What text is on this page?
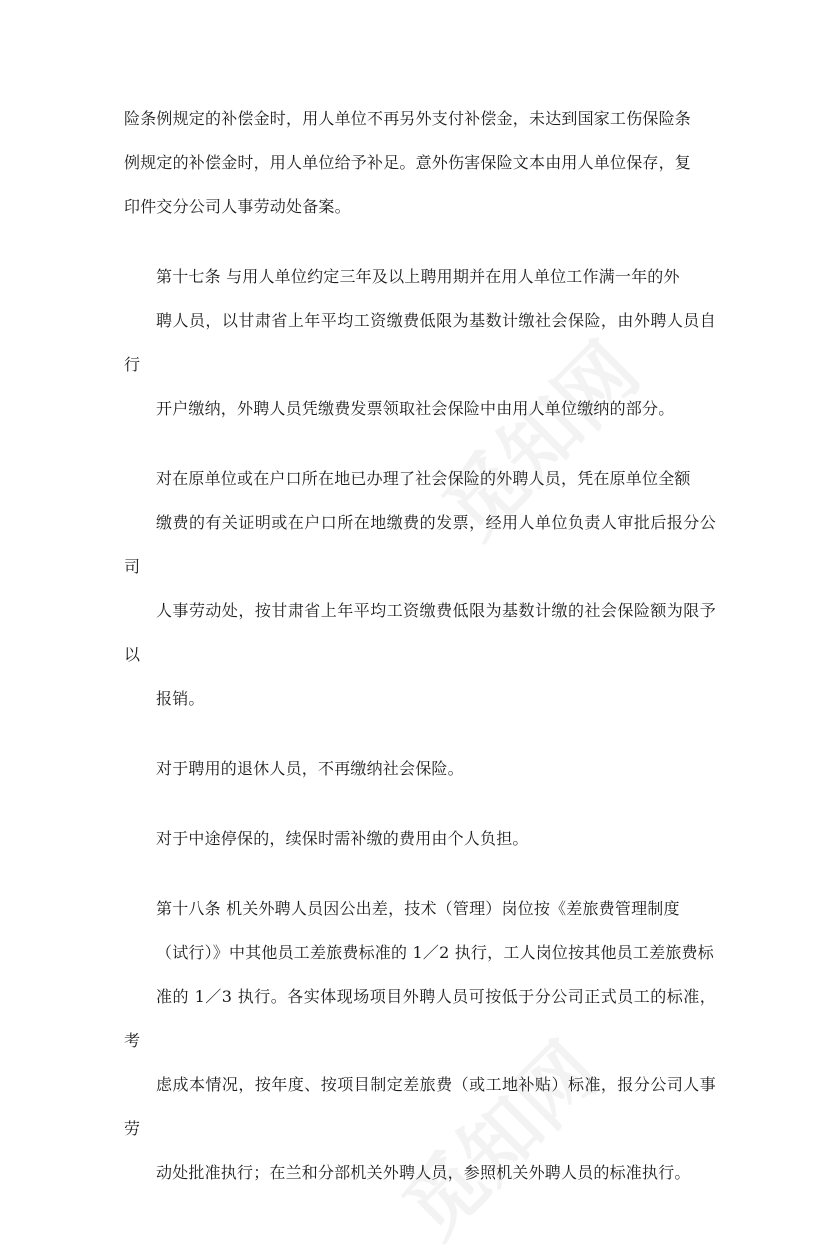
险条例规定的补偿金时，用人单位不再另外支付补偿金，未达到国家工伤保险条
例规定的补偿金时，用人单位给予补足。意外伤害保险文本由用人单位保存，复
印件交分公司人事劳动处备案。

第十七条 与用人单位约定三年及以上聘用期并在用人单位工作满一年的外
聘人员，以甘肃省上年平均工资缴费低限为基数计缴社会保险，由外聘人员自行
开户缴纳，外聘人员凭缴费发票领取社会保险中由用人单位缴纳的部分。

对在原单位或在户口所在地已办理了社会保险的外聘人员，凭在原单位全额
缴费的有关证明或在户口所在地缴费的发票，经用人单位负责人审批后报分公司
人事劳动处，按甘肃省上年平均工资缴费低限为基数计缴的社会保险额为限予以
报销。

对于聘用的退休人员，不再缴纳社会保险。

对于中途停保的，续保时需补缴的费用由个人负担。

第十八条 机关外聘人员因公出差，技术（管理）岗位按《差旅费管理制度
（试行）》中其他员工差旅费标准的 1／2 执行，工人岗位按其他员工差旅费标
准的 1／3 执行。各实体现场项目外聘人员可按低于分公司正式员工的标准，考
虑成本情况，按年度、按项目制定差旅费（或工地补贴）标准，报分公司人事劳
动处批准执行；在兰和分部机关外聘人员，参照机关外聘人员的标准执行。
